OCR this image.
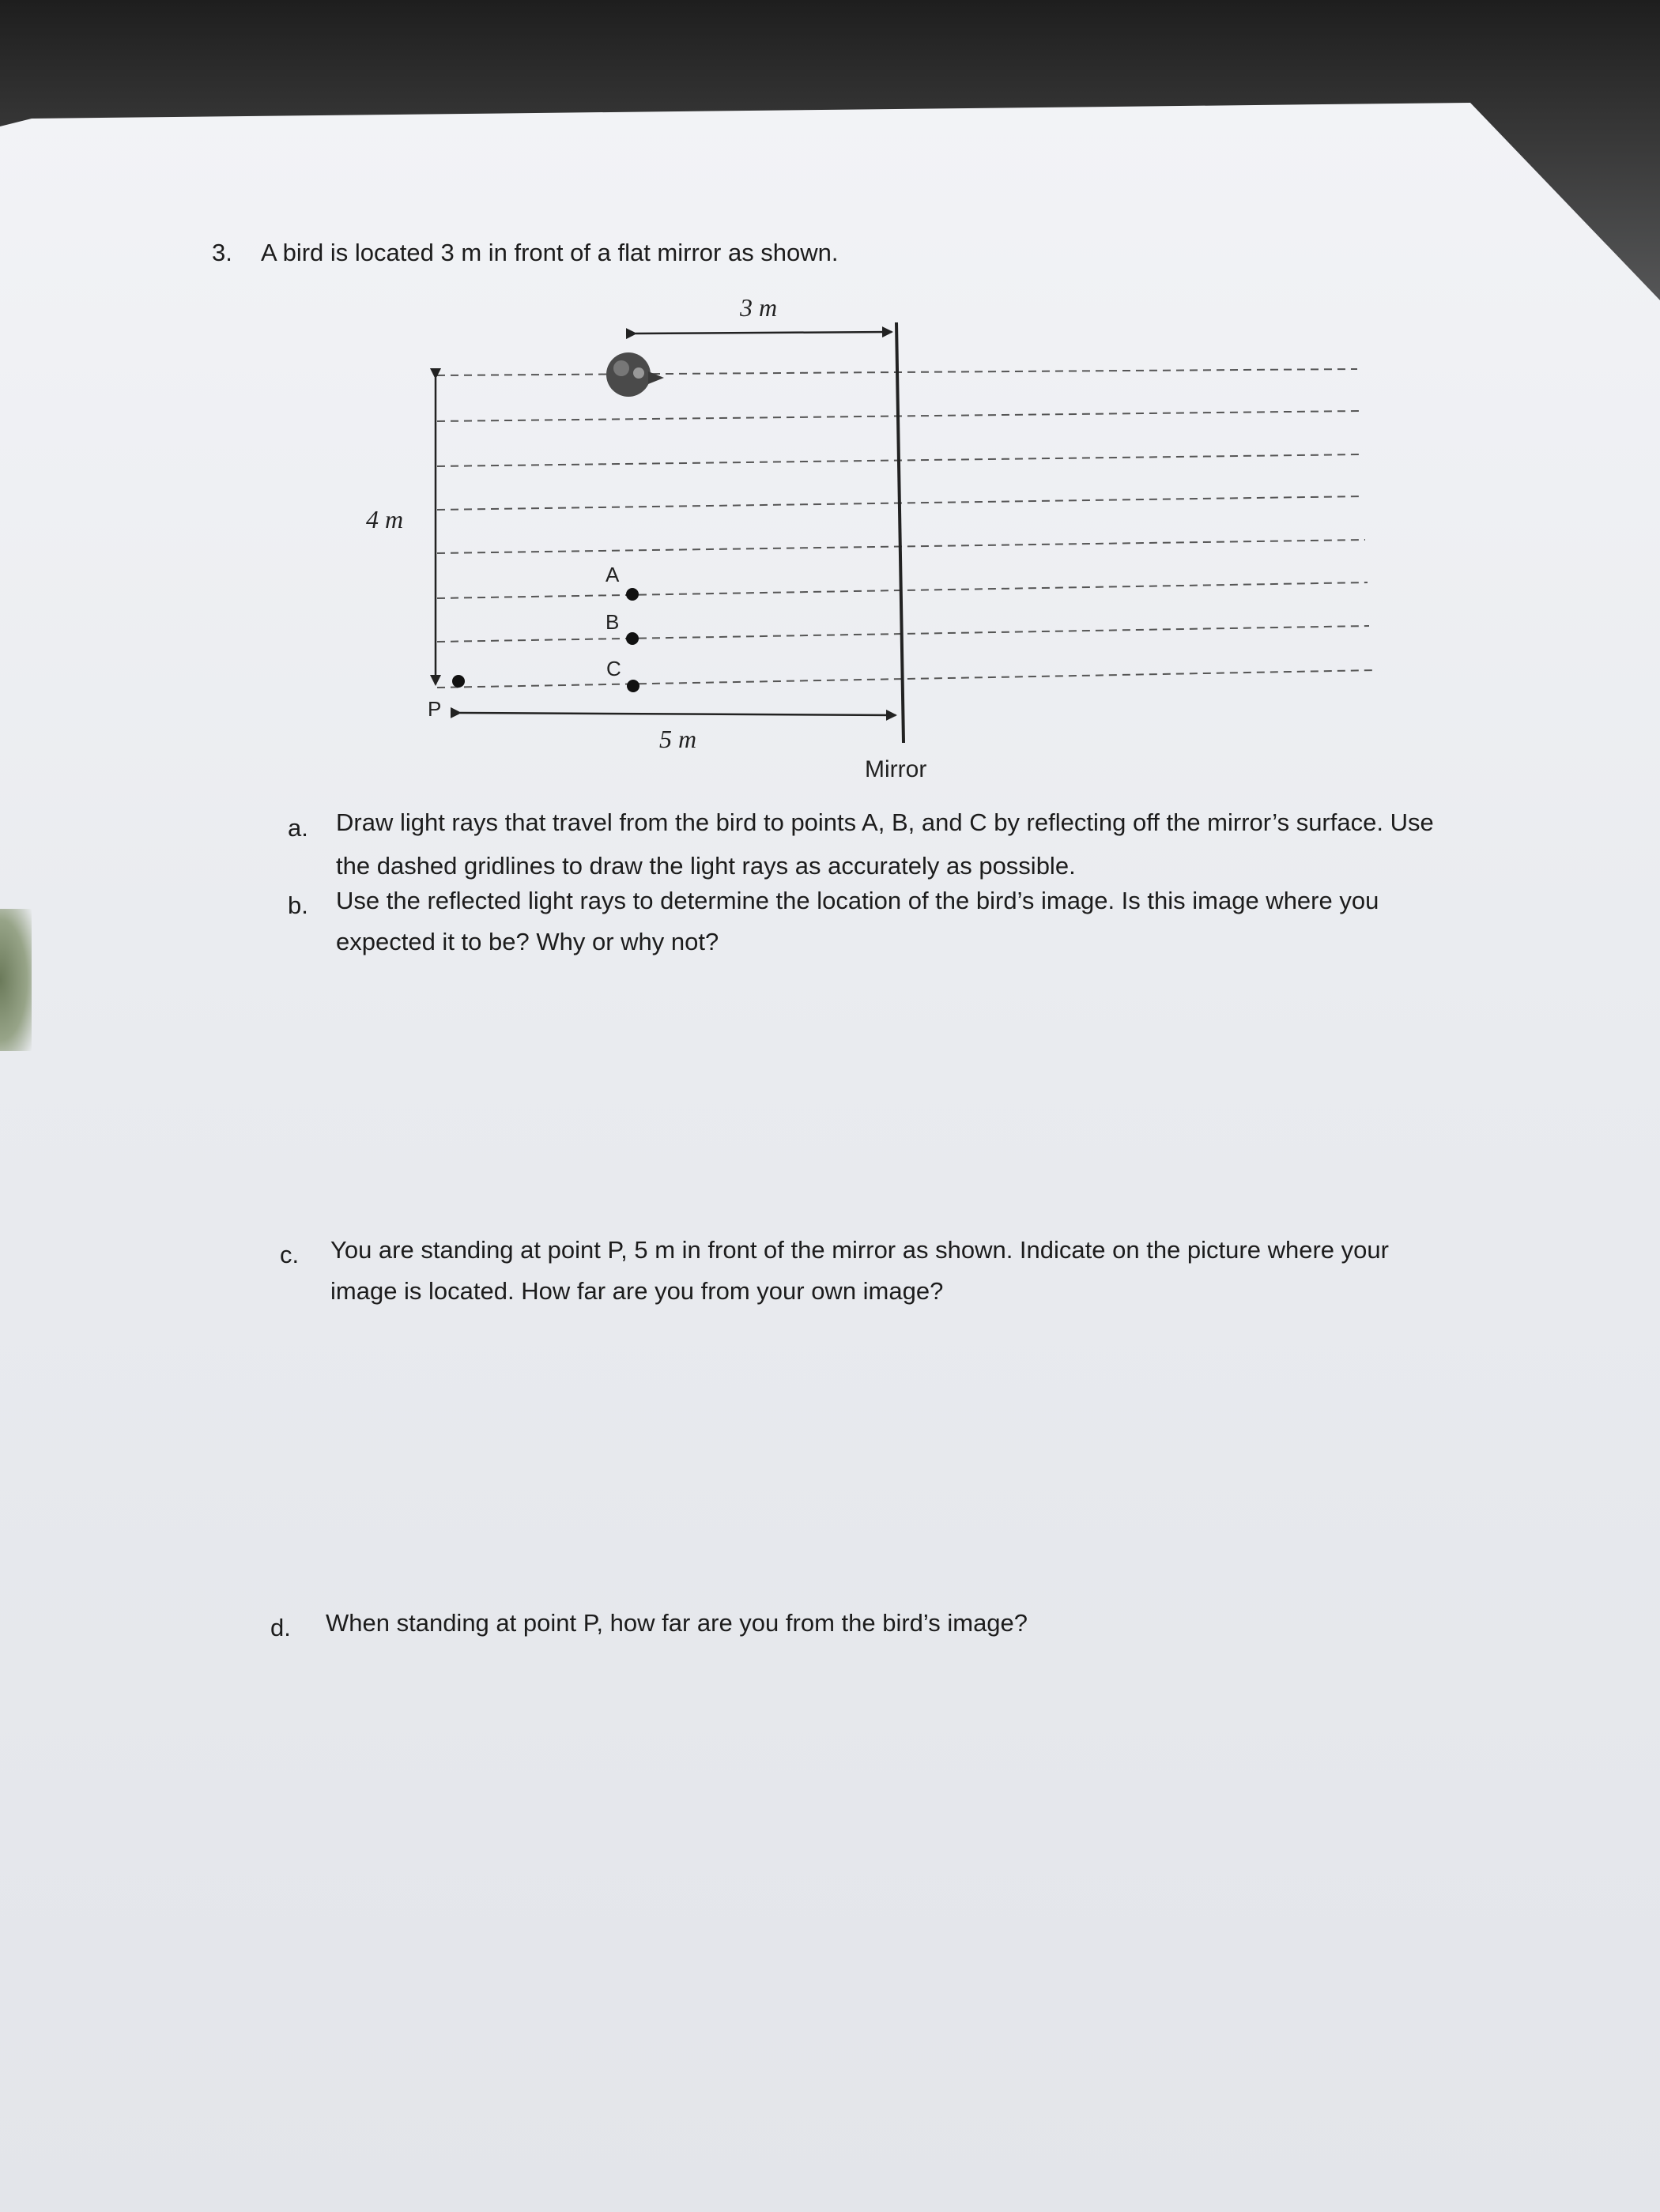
3. A bird is located 3 m in front of a flat mirror as shown.
A
B
C
P
3 m
4 m
5 m
Mirror
a. Draw light rays that travel from the bird to points A, B, and C by reflecting off the mirror’s surface. Use
the dashed gridlines to draw the light rays as accurately as possible.
b. Use the reflected light rays to determine the location of the bird’s image. Is this image where you
expected it to be? Why or why not?
c. You are standing at point P, 5 m in front of the mirror as shown. Indicate on the picture where your
image is located. How far are you from your own image?
d. When standing at point P, how far are you from the bird’s image?
